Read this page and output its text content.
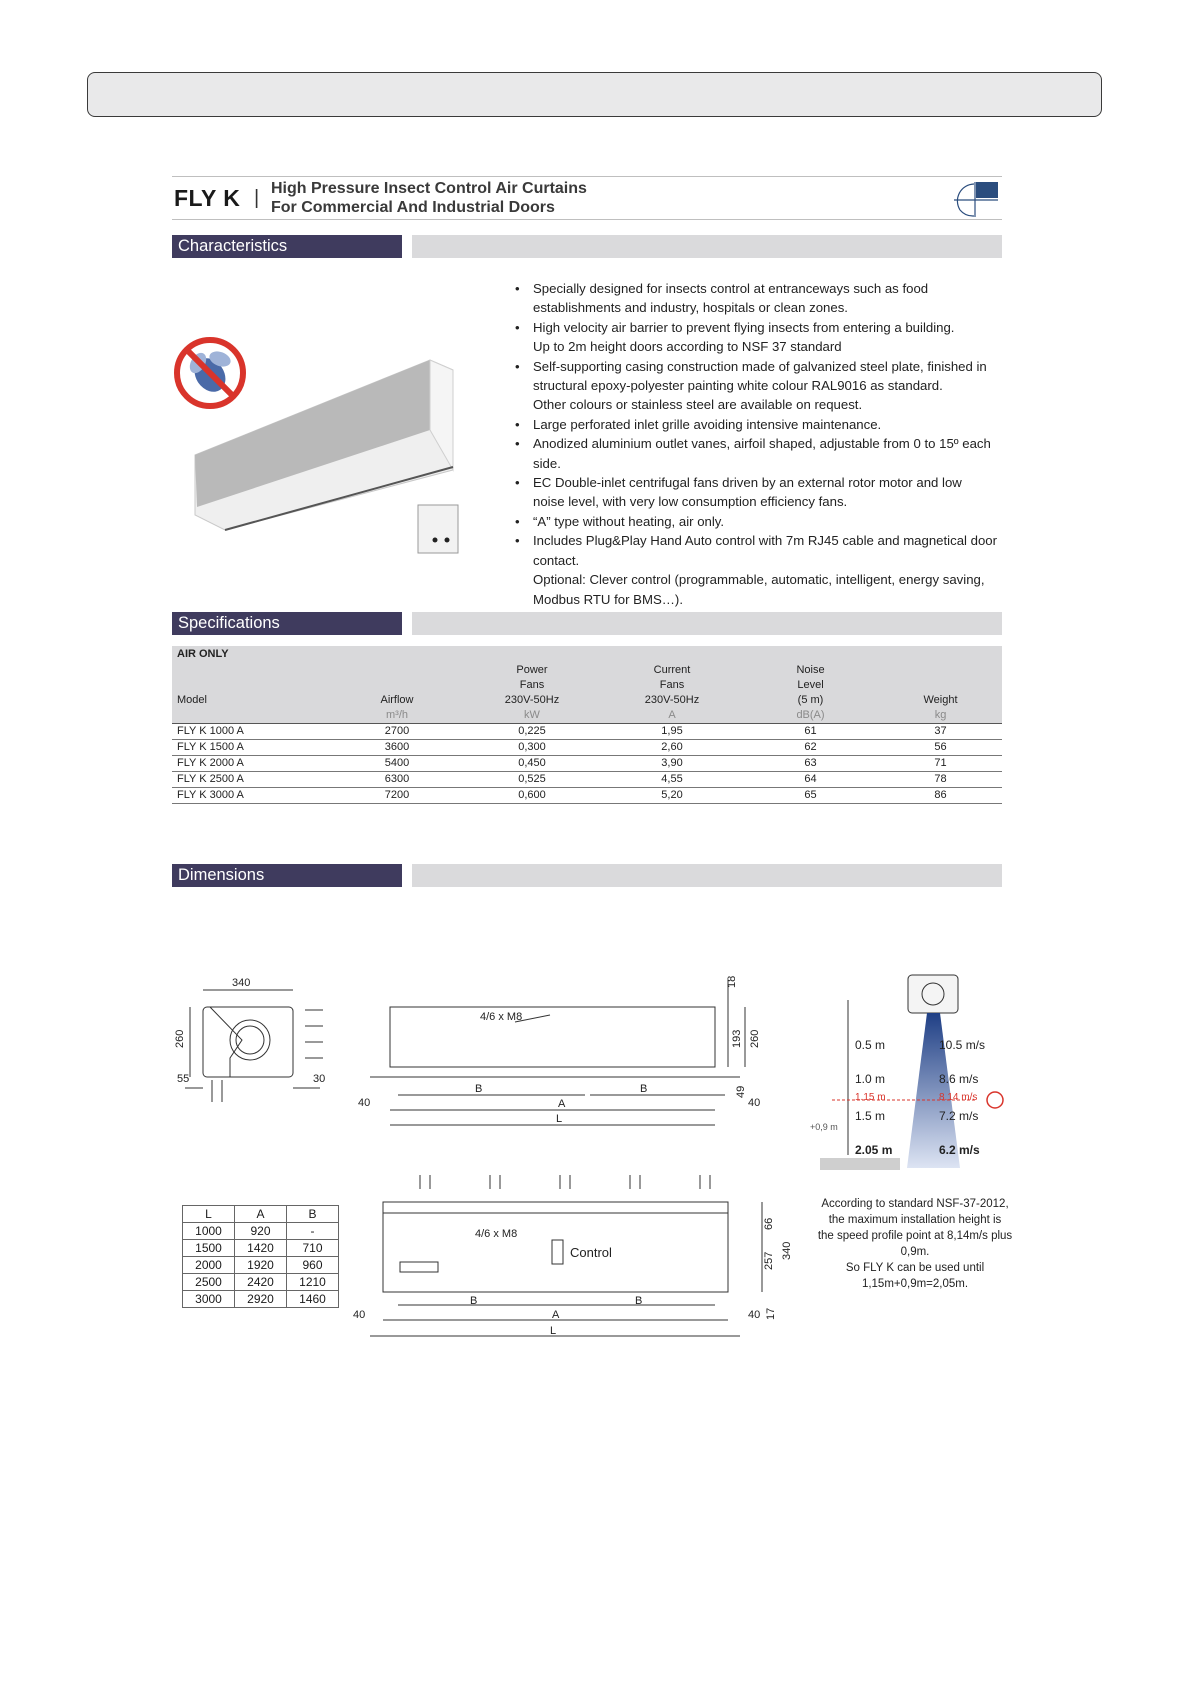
FLY K | High Pressure Insect Control Air Curtains
For Commercial And Industrial Doors
Characteristics
• Specially designed for insects control at entranceways such as food
establishments and industry, hospitals or clean zones.
• High velocity air barrier to prevent flying insects from entering a building.
Up to 2m height doors according to NSF 37 standard
• Self-supporting casing construction made of galvanized steel plate, finished in
structural epoxy-polyester painting white colour RAL9016 as standard.
Other colours or stainless steel are available on request.
• Large perforated inlet grille avoiding intensive maintenance.
• Anodized aluminium outlet vanes, airfoil shaped, adjustable from 0 to 15º each side.
• EC Double-inlet centrifugal fans driven by an external rotor motor and low
noise level, with very low consumption efficiency fans.
• “A” type without heating, air only.
• Includes Plug&Play Hand Auto control with 7m RJ45 cable and magnetical door
contact.
Optional: Clever control (programmable, automatic, intelligent, energy saving,
Modbus RTU for BMS…).
Specifications
AIR ONLY					
		Power	Current	Noise	
		Fans	Fans	Level	
Model	Airflow	230V-50Hz	230V-50Hz	(5 m)	Weight
	m³/h	kW	A	dB(A)	kg
FLY K 1000 A	2700	0,225	1,95	61	37
FLY K 1500 A	3600	0,300	2,60	62	56
FLY K 2000 A	5400	0,450	3,90	63	71
FLY K 2500 A	6300	0,525	4,55	64	78
FLY K 3000 A	7200	0,600	5,20	65	86
Dimensions
340
260
55	30
4/6 x M8
18
193 260
49
40	40
B	B
A
L
4/6 x M8
Control
66
257
340
17
40	40
B	B
A
L
0.5 m
1.0 m
1.15 m
1.5 m
2.05 m
10.5 m/s
8.6 m/s
8.14 m/s
7.2 m/s
6.2 m/s
+0,9 m
L	A	B
1000	920	-
1500	1420	710
2000	1920	960
2500	2420	1210
3000	2920	1460
According to standard NSF-37-2012,
the maximum installation height is
the speed profile point at 8,14m/s plus 0,9m.
So FLY K can be used until
1,15m+0,9m=2,05m.
